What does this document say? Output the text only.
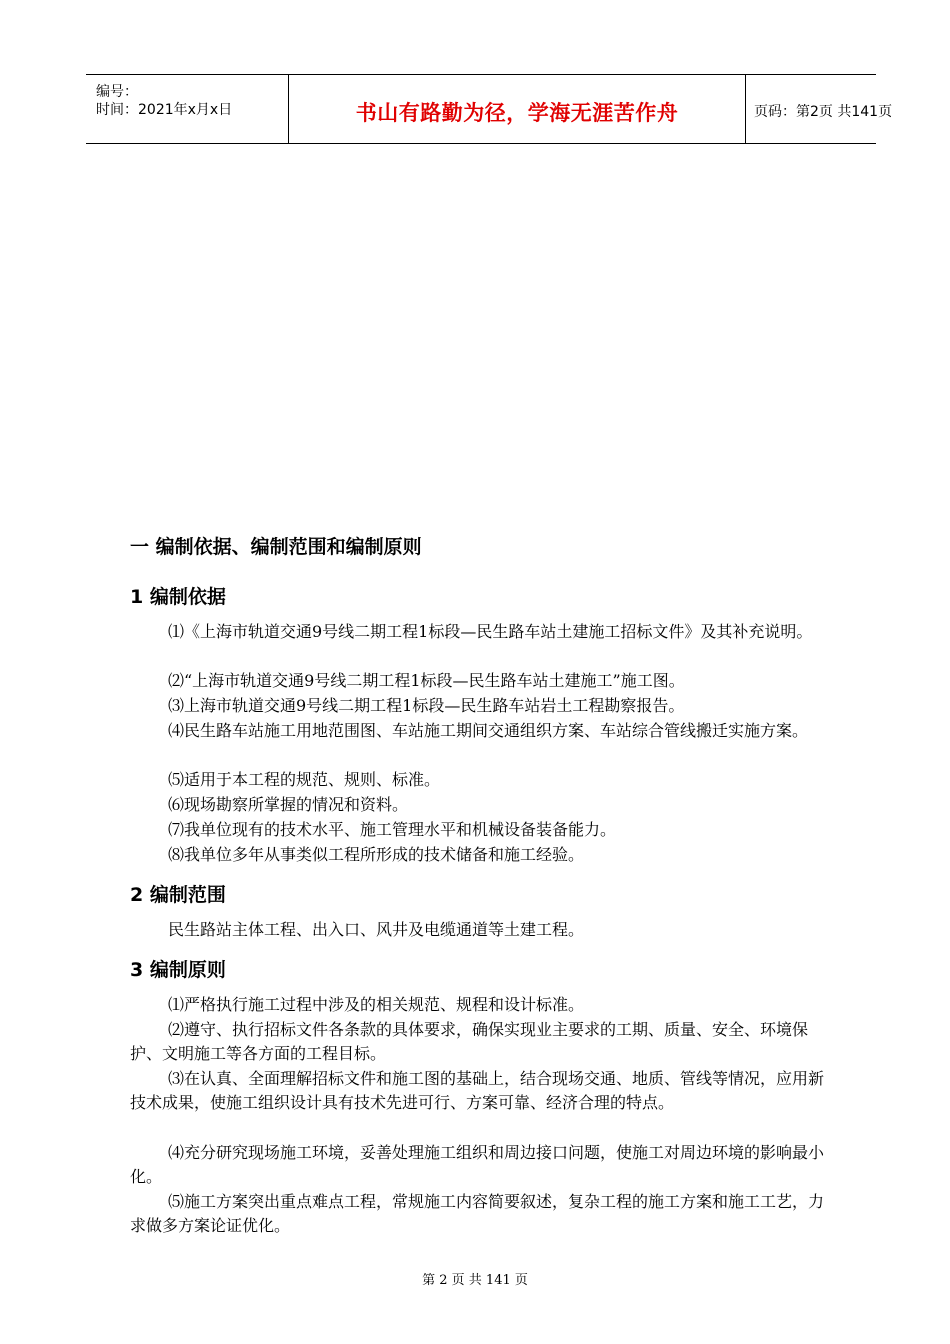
编号：
时间：2021年x月x日	书山有路勤为径，学海无涯苦作舟	页码：第2页 共141页
一 编制依据、编制范围和编制原则
1 编制依据
⑴《上海市轨道交通9号线二期工程1标段—民生路车站土建施工招标文件》及其补充说明。
⑵“上海市轨道交通9号线二期工程1标段—民生路车站土建施工”施工图。
⑶上海市轨道交通9号线二期工程1标段—民生路车站岩土工程勘察报告。
⑷民生路车站施工用地范围图、车站施工期间交通组织方案、车站综合管线搬迁实施方案。
⑸适用于本工程的规范、规则、标准。
⑹现场勘察所掌握的情况和资料。
⑺我单位现有的技术水平、施工管理水平和机械设备装备能力。
⑻我单位多年从事类似工程所形成的技术储备和施工经验。
2 编制范围
民生路站主体工程、出入口、风井及电缆通道等土建工程。
3 编制原则
⑴严格执行施工过程中涉及的相关规范、规程和设计标准。
⑵遵守、执行招标文件各条款的具体要求，确保实现业主要求的工期、质量、安全、环境保护、文明施工等各方面的工程目标。
⑶在认真、全面理解招标文件和施工图的基础上，结合现场交通、地质、管线等情况，应用新技术成果，使施工组织设计具有技术先进可行、方案可靠、经济合理的特点。
⑷充分研究现场施工环境，妥善处理施工组织和周边接口问题，使施工对周边环境的影响最小化。
⑸施工方案突出重点难点工程，常规施工内容简要叙述，复杂工程的施工方案和施工工艺，力求做多方案论证优化。
第 2 页 共 141 页
